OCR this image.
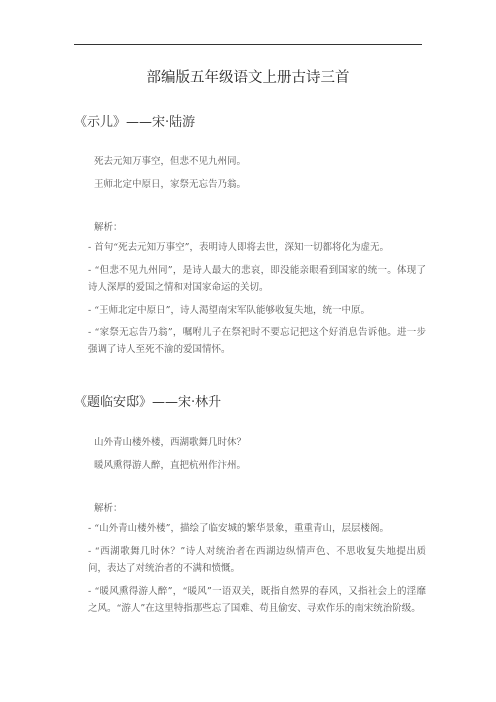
部编版五年级语文上册古诗三首
《示儿》——宋·陆游
死去元知万事空，但悲不见九州同。
王师北定中原日，家祭无忘告乃翁。
解析：
- 首句“死去元知万事空”，表明诗人即将去世，深知一切都将化为虚无。
- “但悲不见九州同”，是诗人最大的悲哀，即没能亲眼看到国家的统一。体现了诗人深厚的爱国之情和对国家命运的关切。
- “王师北定中原日”，诗人渴望南宋军队能够收复失地，统一中原。
- “家祭无忘告乃翁”，嘱咐儿子在祭祀时不要忘记把这个好消息告诉他。进一步强调了诗人至死不渝的爱国情怀。
《题临安邸》——宋·林升
山外青山楼外楼，西湖歌舞几时休？
暖风熏得游人醉，直把杭州作汴州。
解析：
- “山外青山楼外楼”，描绘了临安城的繁华景象，重重青山，层层楼阁。
- “西湖歌舞几时休？”诗人对统治者在西湖边纵情声色、不思收复失地提出质问，表达了对统治者的不满和愤慨。
- “暖风熏得游人醉”，“暖风”一语双关，既指自然界的春风，又指社会上的淫靡之风。“游人”在这里特指那些忘了国难、苟且偷安、寻欢作乐的南宋统治阶级。
